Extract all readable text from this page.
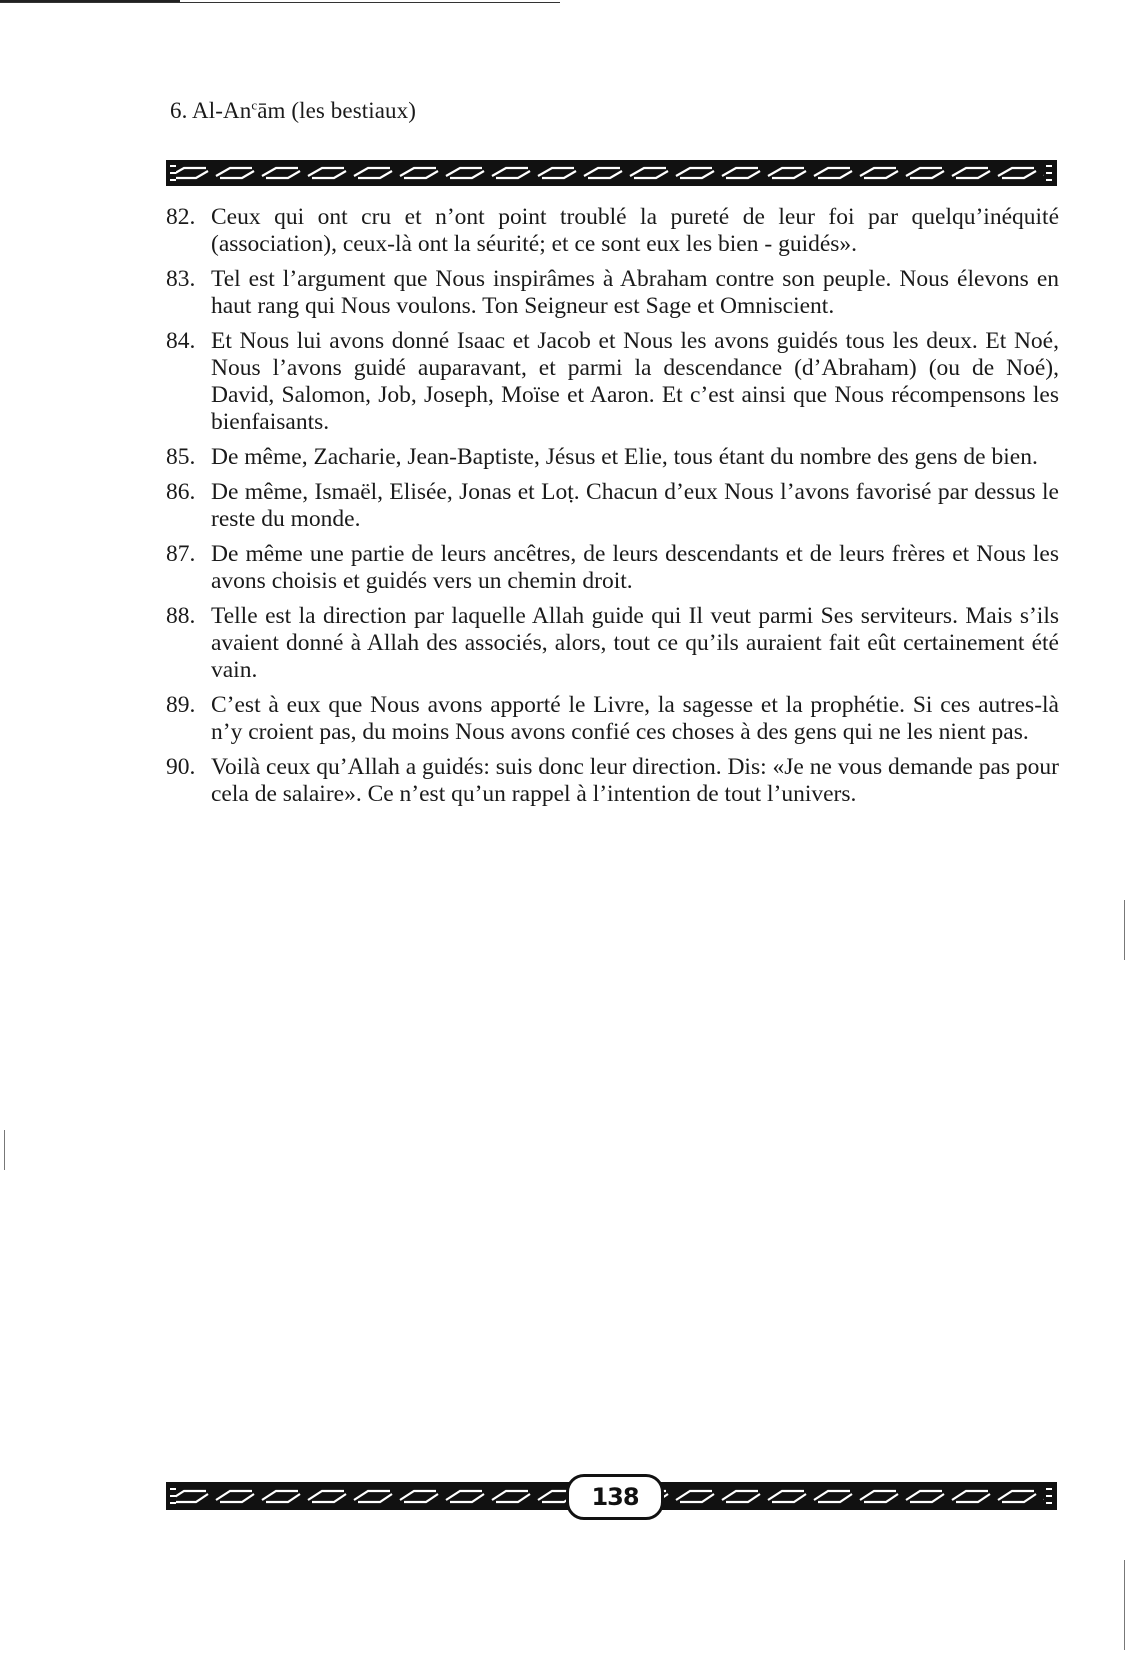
6. Al-An$^c$ām (les bestiaux)
82. Ceux qui ont cru et n’ont point troublé la pureté de leur foi par quelqu’inéquité (association), ceux-là ont la séurité; et ce sont eux les bien - guidés».
83. Tel est l’argument que Nous inspirâmes à Abraham contre son peuple. Nous élevons en haut rang qui Nous voulons. Ton Seigneur est Sage et Omniscient.
84. Et Nous lui avons donné Isaac et Jacob et Nous les avons guidés tous les deux. Et Noé, Nous l’avons guidé auparavant, et parmi la descendance (d’Abraham) (ou de Noé), David, Salomon, Job, Joseph, Moïse et Aaron. Et c’est ainsi que Nous récompensons les bienfaisants.
85. De même, Zacharie, Jean-Baptiste, Jésus et Elie, tous étant du nombre des gens de bien.
86. De même, Ismaël, Elisée, Jonas et Loṭ. Chacun d’eux Nous l’avons favorisé par dessus le reste du monde.
87. De même une partie de leurs ancêtres, de leurs descendants et de leurs frères et Nous les avons choisis et guidés vers un chemin droit.
88. Telle est la direction par laquelle Allah guide qui Il veut parmi Ses serviteurs. Mais s’ils avaient donné à Allah des associés, alors, tout ce qu’ils auraient fait eût certainement été vain.
89. C’est à eux que Nous avons apporté le Livre, la sagesse et la prophétie. Si ces autres-là n’y croient pas, du moins Nous avons confié ces choses à des gens qui ne les nient pas.
90. Voilà ceux qu’Allah a guidés: suis donc leur direction. Dis: «Je ne vous demande pas pour cela de salaire». Ce n’est qu’un rappel à l’intention de tout l’univers.
138
